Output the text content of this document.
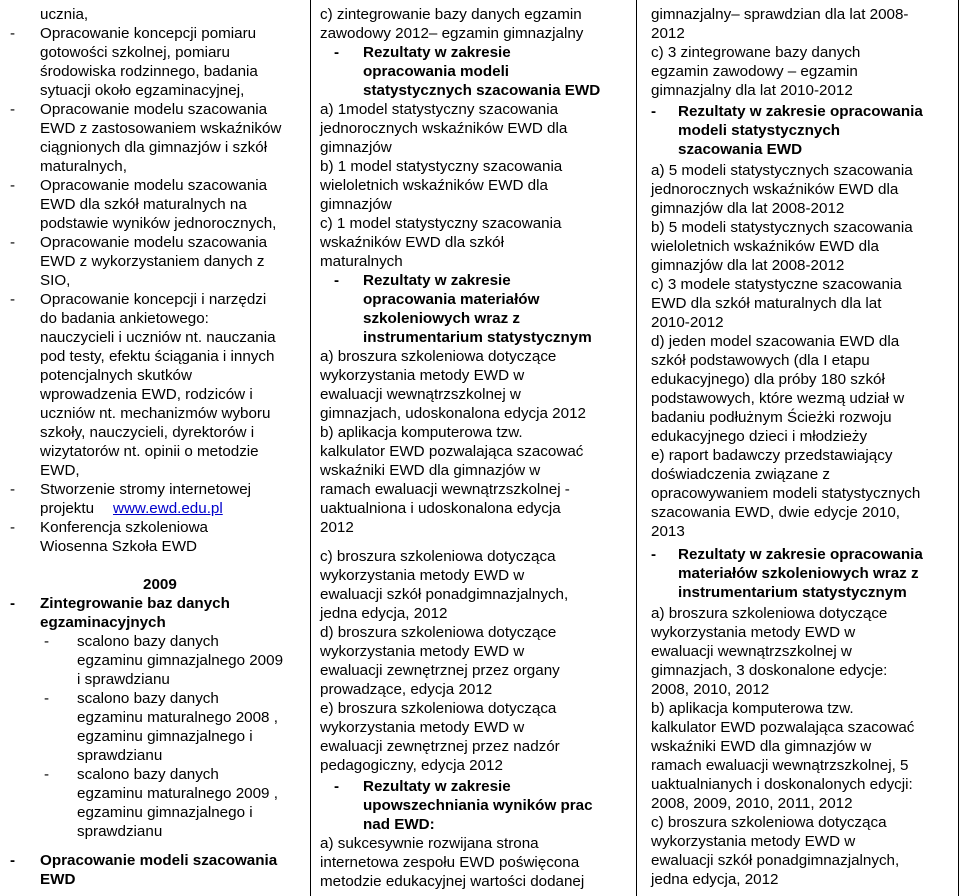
ucznia,
- Opracowanie koncepcji pomiaru
gotowości szkolnej, pomiaru
środowiska rodzinnego, badania
sytuacji około egzaminacyjnej,
- Opracowanie modelu szacowania
EWD z zastosowaniem wskaźników
ciągnionych dla gimnazjów i szkół
maturalnych,
- Opracowanie modelu szacowania
EWD dla szkół maturalnych na
podstawie wyników jednorocznych,
- Opracowanie modelu szacowania
EWD z wykorzystaniem danych z
SIO,
- Opracowanie koncepcji i narzędzi
do badania ankietowego:
nauczycieli i uczniów nt. nauczania
pod testy, efektu ściągania i innych
potencjalnych skutków
wprowadzenia EWD, rodziców i
uczniów nt. mechanizmów wyboru
szkoły, nauczycieli, dyrektorów i
wizytatorów nt. opinii o metodzie
EWD,
- Stworzenie stromy internetowej
projektu www.ewd.edu.pl
- Konferencja szkoleniowa
Wiosenna Szkoła EWD
2009
- Zintegrowanie baz danych
egzaminacyjnych
- scalono bazy danych
egzaminu gimnazjalnego 2009
i sprawdzianu
- scalono bazy danych
egzaminu maturalnego 2008 ,
egzaminu gimnazjalnego i
sprawdzianu
- scalono bazy danych
egzaminu maturalnego 2009 ,
egzaminu gimnazjalnego i
sprawdzianu
- Opracowanie modeli szacowania
EWD
c) zintegrowanie bazy danych egzamin
zawodowy 2012– egzamin gimnazjalny
- Rezultaty w zakresie
opracowania modeli
statystycznych szacowania EWD
a) 1model statystyczny szacowania
jednorocznych wskaźników EWD dla
gimnazjów
b) 1 model statystyczny szacowania
wieloletnich wskaźników EWD dla
gimnazjów
c) 1 model statystyczny szacowania
wskaźników EWD dla szkół
maturalnych
- Rezultaty w zakresie
opracowania materiałów
szkoleniowych wraz z
instrumentarium statystycznym
a) broszura szkoleniowa dotyczące
wykorzystania metody EWD w
ewaluacji wewnątrzszkolnej w
gimnazjach, udoskonalona edycja 2012
b) aplikacja komputerowa tzw.
kalkulator EWD pozwalająca szacować
wskaźniki EWD dla gimnazjów w
ramach ewaluacji wewnątrzszkolnej -
uaktualniona i udoskonalona edycja
2012
c) broszura szkoleniowa dotycząca
wykorzystania metody EWD w
ewaluacji szkół ponadgimnazjalnych,
jedna edycja, 2012
d) broszura szkoleniowa dotyczące
wykorzystania metody EWD w
ewaluacji zewnętrznej przez organy
prowadzące, edycja 2012
e) broszura szkoleniowa dotycząca
wykorzystania metody EWD w
ewaluacji zewnętrznej przez nadzór
pedagogiczny, edycja 2012
- Rezultaty w zakresie
upowszechniania wyników prac
nad EWD:
a) sukcesywnie rozwijana strona
internetowa zespołu EWD poświęcona
metodzie edukacyjnej wartości dodanej
gimnazjalny– sprawdzian dla lat 2008-
2012
c) 3 zintegrowane bazy danych
egzamin zawodowy – egzamin
gimnazjalny dla lat 2010-2012
- Rezultaty w zakresie opracowania
modeli statystycznych
szacowania EWD
a) 5 modeli statystycznych szacowania
jednorocznych wskaźników EWD dla
gimnazjów dla lat 2008-2012
b) 5 modeli statystycznych szacowania
wieloletnich wskaźników EWD dla
gimnazjów dla lat 2008-2012
c) 3 modele statystyczne szacowania
EWD dla szkół maturalnych dla lat
2010-2012
d) jeden model szacowania EWD dla
szkół podstawowych (dla I etapu
edukacyjnego) dla próby 180 szkół
podstawowych, które wezmą udział w
badaniu podłużnym Ścieżki rozwoju
edukacyjnego dzieci i młodzieży
e) raport badawczy przedstawiający
doświadczenia związane z
opracowywaniem modeli statystycznych
szacowania EWD, dwie edycje 2010,
2013
- Rezultaty w zakresie opracowania
materiałów szkoleniowych wraz z
instrumentarium statystycznym
a) broszura szkoleniowa dotyczące
wykorzystania metody EWD w
ewaluacji wewnątrzszkolnej w
gimnazjach, 3 doskonalone edycje:
2008, 2010, 2012
b) aplikacja komputerowa tzw.
kalkulator EWD pozwalająca szacować
wskaźniki EWD dla gimnazjów w
ramach ewaluacji wewnątrzszkolnej, 5
uaktualnianych i doskonalonych edycji:
2008, 2009, 2010, 2011, 2012
c) broszura szkoleniowa dotycząca
wykorzystania metody EWD w
ewaluacji szkół ponadgimnazjalnych,
jedna edycja, 2012
